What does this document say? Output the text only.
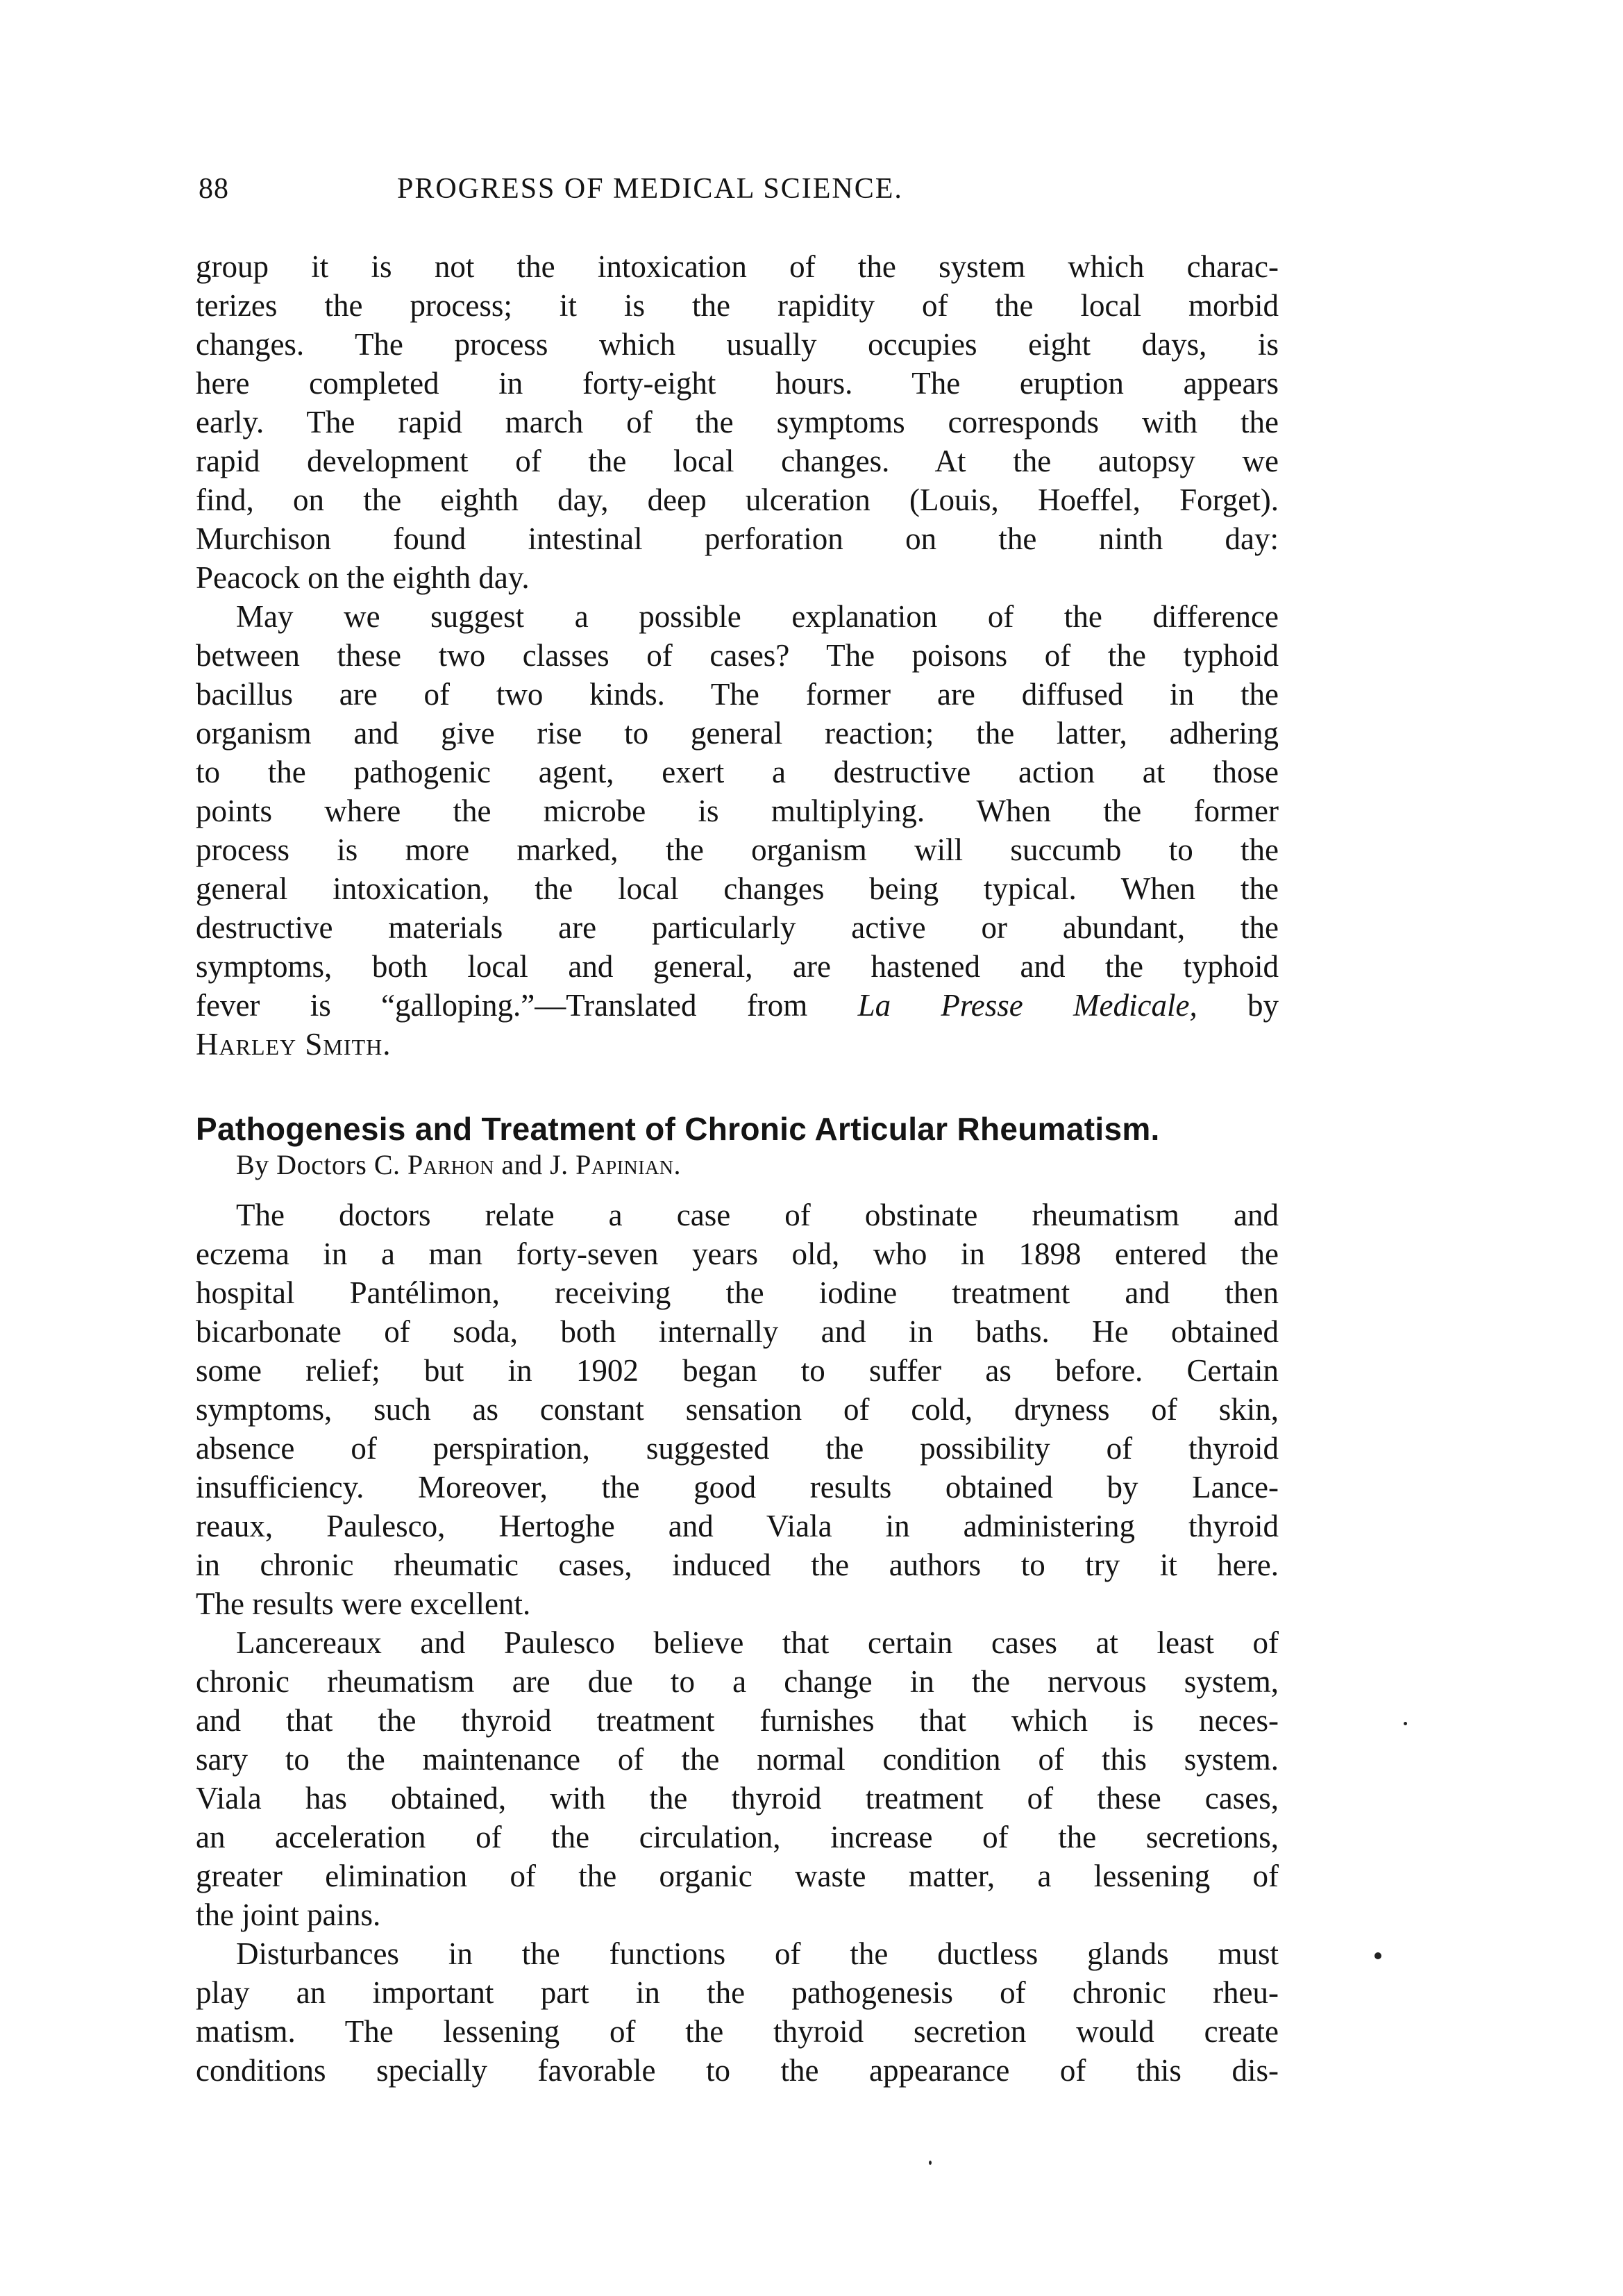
88	PROGRESS OF MEDICAL SCIENCE.
group it is not the intoxication of the system which charac-
terizes the process; it is the rapidity of the local morbid
changes. The process which usually occupies eight days, is
here completed in forty-eight hours. The eruption appears
early. The rapid march of the symptoms corresponds with the
rapid development of the local changes. At the autopsy we
find, on the eighth day, deep ulceration (Louis, Hoeffel, Forget).
Murchison found intestinal perforation on the ninth day:
Peacock on the eighth day.
May we suggest a possible explanation of the difference
between these two classes of cases? The poisons of the typhoid
bacillus are of two kinds. The former are diffused in the
organism and give rise to general reaction; the latter, adhering
to the pathogenic agent, exert a destructive action at those
points where the microbe is multiplying. When the former
process is more marked, the organism will succumb to the
general intoxication, the local changes being typical. When the
destructive materials are particularly active or abundant, the
symptoms, both local and general, are hastened and the typhoid
fever is “galloping.”—Translated from La Presse Medicale, by
Harley Smith.
Pathogenesis and Treatment of Chronic Articular Rheumatism.
By Doctors C. Parhon and J. Papinian.
The doctors relate a case of obstinate rheumatism and
eczema in a man forty-seven years old, who in 1898 entered the
hospital Pantélimon, receiving the iodine treatment and then
bicarbonate of soda, both internally and in baths. He obtained
some relief; but in 1902 began to suffer as before. Certain
symptoms, such as constant sensation of cold, dryness of skin,
absence of perspiration, suggested the possibility of thyroid
insufficiency. Moreover, the good results obtained by Lance-
reaux, Paulesco, Hertoghe and Viala in administering thyroid
in chronic rheumatic cases, induced the authors to try it here.
The results were excellent.
Lancereaux and Paulesco believe that certain cases at least of
chronic rheumatism are due to a change in the nervous system,
and that the thyroid treatment furnishes that which is neces-
sary to the maintenance of the normal condition of this system.
Viala has obtained, with the thyroid treatment of these cases,
an acceleration of the circulation, increase of the secretions,
greater elimination of the organic waste matter, a lessening of
the joint pains.
Disturbances in the functions of the ductless glands must
play an important part in the pathogenesis of chronic rheu-
matism. The lessening of the thyroid secretion would create
conditions specially favorable to the appearance of this dis-
